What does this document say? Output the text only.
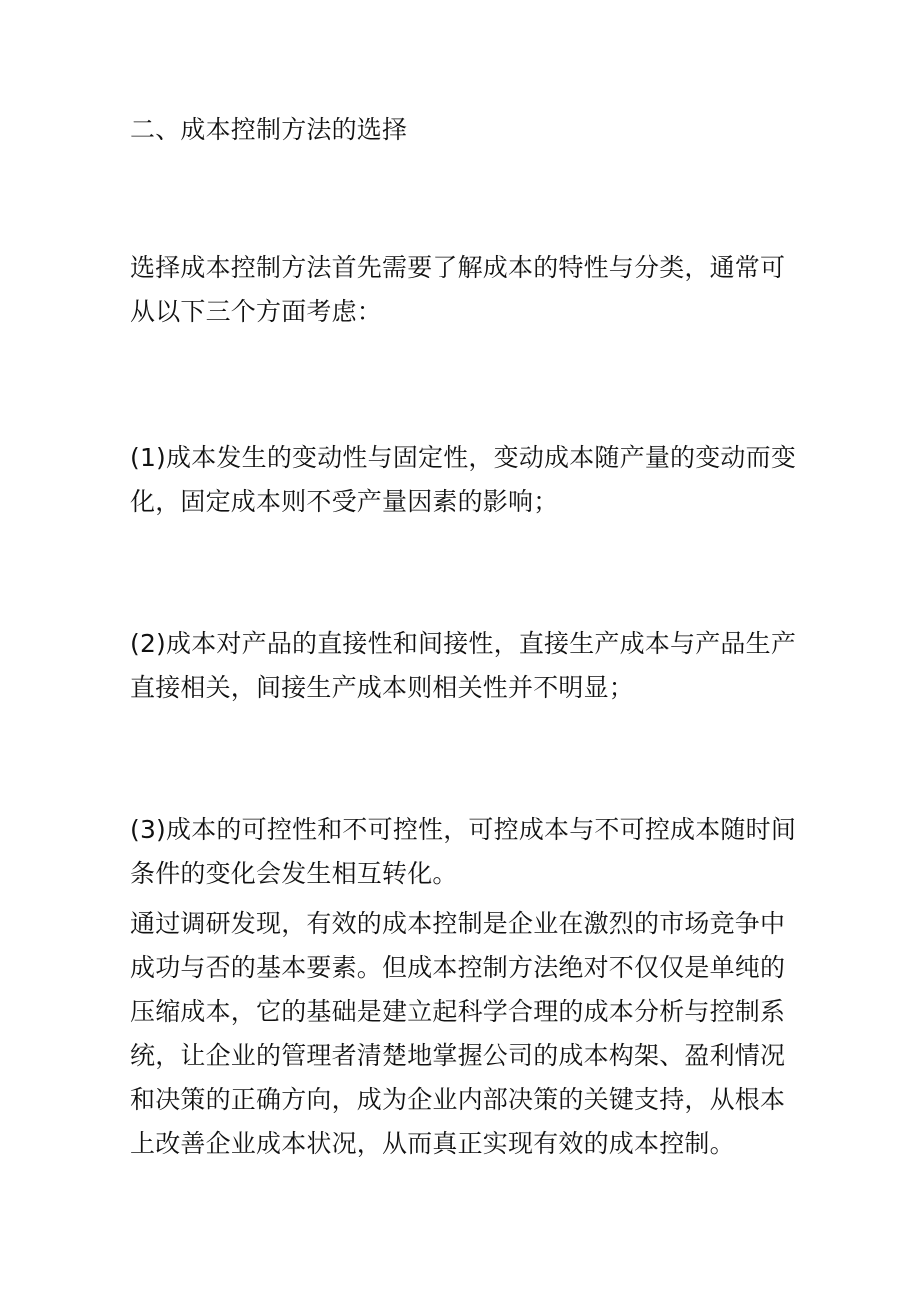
二、成本控制方法的选择
选择成本控制方法首先需要了解成本的特性与分类，通常可从以下三个方面考虑：
(1)成本发生的变动性与固定性，变动成本随产量的变动而变化，固定成本则不受产量因素的影响；
(2)成本对产品的直接性和间接性，直接生产成本与产品生产直接相关，间接生产成本则相关性并不明显；
(3)成本的可控性和不可控性，可控成本与不可控成本随时间条件的变化会发生相互转化。
通过调研发现，有效的成本控制是企业在激烈的市场竞争中成功与否的基本要素。但成本控制方法绝对不仅仅是单纯的压缩成本，它的基础是建立起科学合理的成本分析与控制系统，让企业的管理者清楚地掌握公司的成本构架、盈利情况和决策的正确方向，成为企业内部决策的关键支持，从根本上改善企业成本状况，从而真正实现有效的成本控制。
